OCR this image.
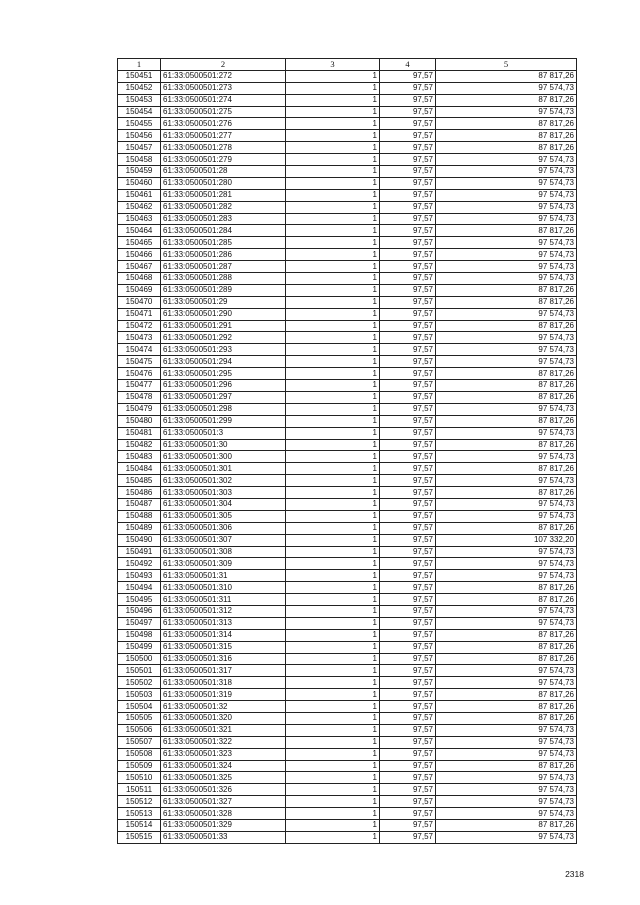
1	2	3	4	5
150451	61:33:0500501:272	1	97,57	87 817,26
150452	61:33:0500501:273	1	97,57	97 574,73
150453	61:33:0500501:274	1	97,57	87 817,26
150454	61:33:0500501:275	1	97,57	97 574,73
150455	61:33:0500501:276	1	97,57	87 817,26
150456	61:33:0500501:277	1	97,57	87 817,26
150457	61:33:0500501:278	1	97,57	87 817,26
150458	61:33:0500501:279	1	97,57	97 574,73
150459	61:33:0500501:28	1	97,57	97 574,73
150460	61:33:0500501:280	1	97,57	97 574,73
150461	61:33:0500501:281	1	97,57	97 574,73
150462	61:33:0500501:282	1	97,57	97 574,73
150463	61:33:0500501:283	1	97,57	97 574,73
150464	61:33:0500501:284	1	97,57	87 817,26
150465	61:33:0500501:285	1	97,57	97 574,73
150466	61:33:0500501:286	1	97,57	97 574,73
150467	61:33:0500501:287	1	97,57	97 574,73
150468	61:33:0500501:288	1	97,57	97 574,73
150469	61:33:0500501:289	1	97,57	87 817,26
150470	61:33:0500501:29	1	97,57	87 817,26
150471	61:33:0500501:290	1	97,57	97 574,73
150472	61:33:0500501:291	1	97,57	87 817,26
150473	61:33:0500501:292	1	97,57	97 574,73
150474	61:33:0500501:293	1	97,57	97 574,73
150475	61:33:0500501:294	1	97,57	97 574,73
150476	61:33:0500501:295	1	97,57	87 817,26
150477	61:33:0500501:296	1	97,57	87 817,26
150478	61:33:0500501:297	1	97,57	87 817,26
150479	61:33:0500501:298	1	97,57	97 574,73
150480	61:33:0500501:299	1	97,57	87 817,26
150481	61:33:0500501:3	1	97,57	97 574,73
150482	61:33:0500501:30	1	97,57	87 817,26
150483	61:33:0500501:300	1	97,57	97 574,73
150484	61:33:0500501:301	1	97,57	87 817,26
150485	61:33:0500501:302	1	97,57	97 574,73
150486	61:33:0500501:303	1	97,57	87 817,26
150487	61:33:0500501:304	1	97,57	97 574,73
150488	61:33:0500501:305	1	97,57	97 574,73
150489	61:33:0500501:306	1	97,57	87 817,26
150490	61:33:0500501:307	1	97,57	107 332,20
150491	61:33:0500501:308	1	97,57	97 574,73
150492	61:33:0500501:309	1	97,57	97 574,73
150493	61:33:0500501:31	1	97,57	97 574,73
150494	61:33:0500501:310	1	97,57	87 817,26
150495	61:33:0500501:311	1	97,57	87 817,26
150496	61:33:0500501:312	1	97,57	97 574,73
150497	61:33:0500501:313	1	97,57	97 574,73
150498	61:33:0500501:314	1	97,57	87 817,26
150499	61:33:0500501:315	1	97,57	87 817,26
150500	61:33:0500501:316	1	97,57	87 817,26
150501	61:33:0500501:317	1	97,57	97 574,73
150502	61:33:0500501:318	1	97,57	97 574,73
150503	61:33:0500501:319	1	97,57	87 817,26
150504	61:33:0500501:32	1	97,57	87 817,26
150505	61:33:0500501:320	1	97,57	87 817,26
150506	61:33:0500501:321	1	97,57	97 574,73
150507	61:33:0500501:322	1	97,57	97 574,73
150508	61:33:0500501:323	1	97,57	97 574,73
150509	61:33:0500501:324	1	97,57	87 817,26
150510	61:33:0500501:325	1	97,57	97 574,73
150511	61:33:0500501:326	1	97,57	97 574,73
150512	61:33:0500501:327	1	97,57	97 574,73
150513	61:33:0500501:328	1	97,57	97 574,73
150514	61:33:0500501:329	1	97,57	87 817,26
150515	61:33:0500501:33	1	97,57	97 574,73
2318
